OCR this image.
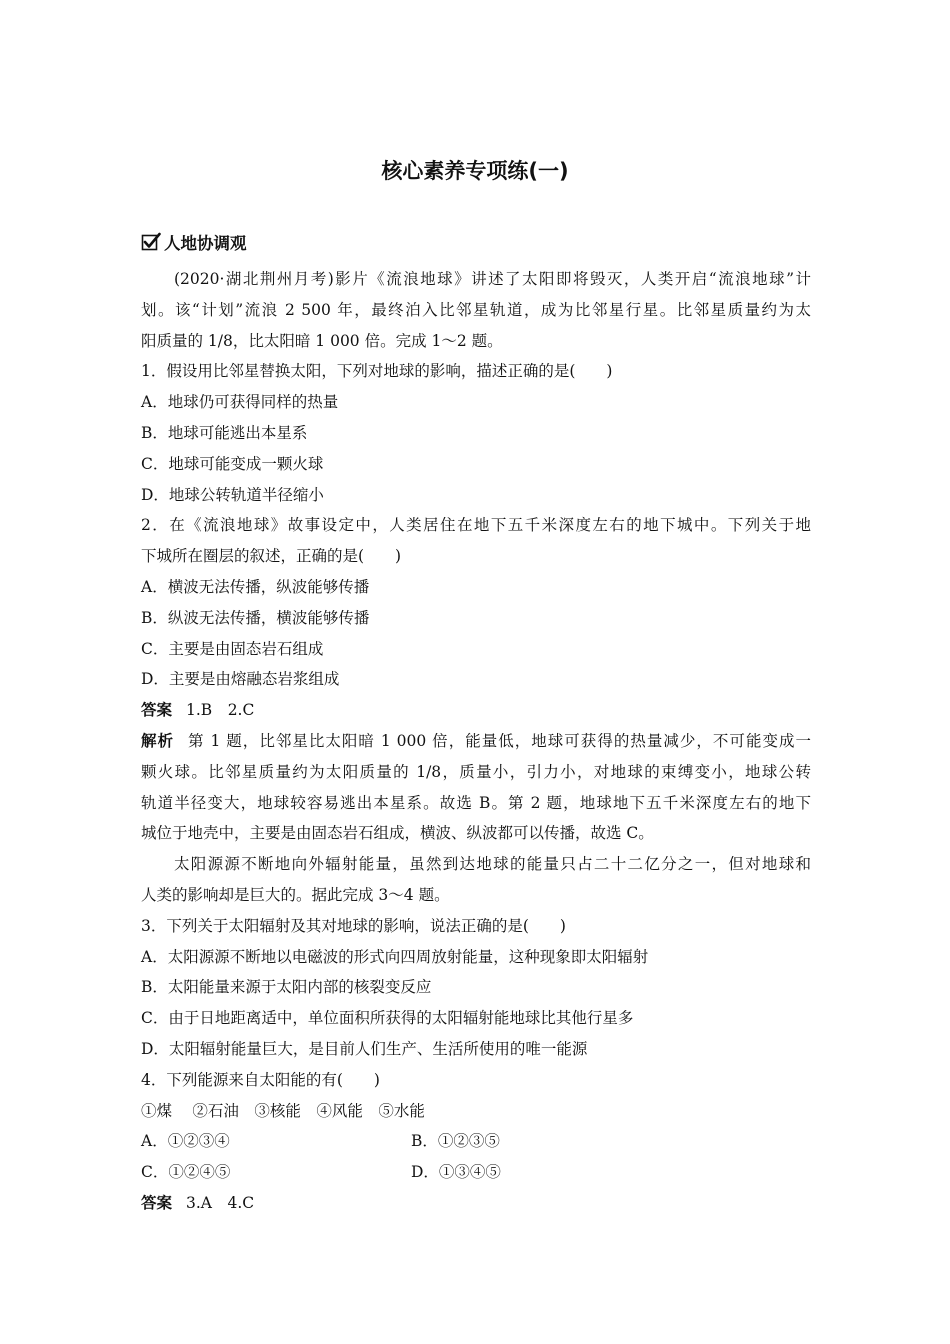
核心素养专项练(一)
人地协调观
(2020·湖北荆州月考)影片《流浪地球》讲述了太阳即将毁灭，人类开启“流浪地球”计
划。该“计划”流浪 2 500 年，最终泊入比邻星轨道，成为比邻星行星。比邻星质量约为太
阳质量的 1/8，比太阳暗 1 000 倍。完成 1～2 题。
1．假设用比邻星替换太阳，下列对地球的影响，描述正确的是(　　)
A．地球仍可获得同样的热量
B．地球可能逃出本星系
C．地球可能变成一颗火球
D．地球公转轨道半径缩小
2．在《流浪地球》故事设定中，人类居住在地下五千米深度左右的地下城中。下列关于地
下城所在圈层的叙述，正确的是(　　)
A．横波无法传播，纵波能够传播
B．纵波无法传播，横波能够传播
C．主要是由固态岩石组成
D．主要是由熔融态岩浆组成
答案 1.B　2.C
解析 第 1 题，比邻星比太阳暗 1 000 倍，能量低，地球可获得的热量减少，不可能变成一
颗火球。比邻星质量约为太阳质量的 1/8，质量小，引力小，对地球的束缚变小，地球公转
轨道半径变大，地球较容易逃出本星系。故选 B。第 2 题，地球地下五千米深度左右的地下
城位于地壳中，主要是由固态岩石组成，横波、纵波都可以传播，故选 C。
太阳源源不断地向外辐射能量，虽然到达地球的能量只占二十二亿分之一，但对地球和
人类的影响却是巨大的。据此完成 3～4 题。
3．下列关于太阳辐射及其对地球的影响，说法正确的是(　　)
A．太阳源源不断地以电磁波的形式向四周放射能量，这种现象即太阳辐射
B．太阳能量来源于太阳内部的核裂变反应
C．由于日地距离适中，单位面积所获得的太阳辐射能地球比其他行星多
D．太阳辐射能量巨大，是目前人们生产、生活所使用的唯一能源
4．下列能源来自太阳能的有(　　)
①煤　 ②石油　③核能　④风能　⑤水能
A．①②③④	B．①②③⑤
C．①②④⑤	D．①③④⑤
答案 3.A　4.C
